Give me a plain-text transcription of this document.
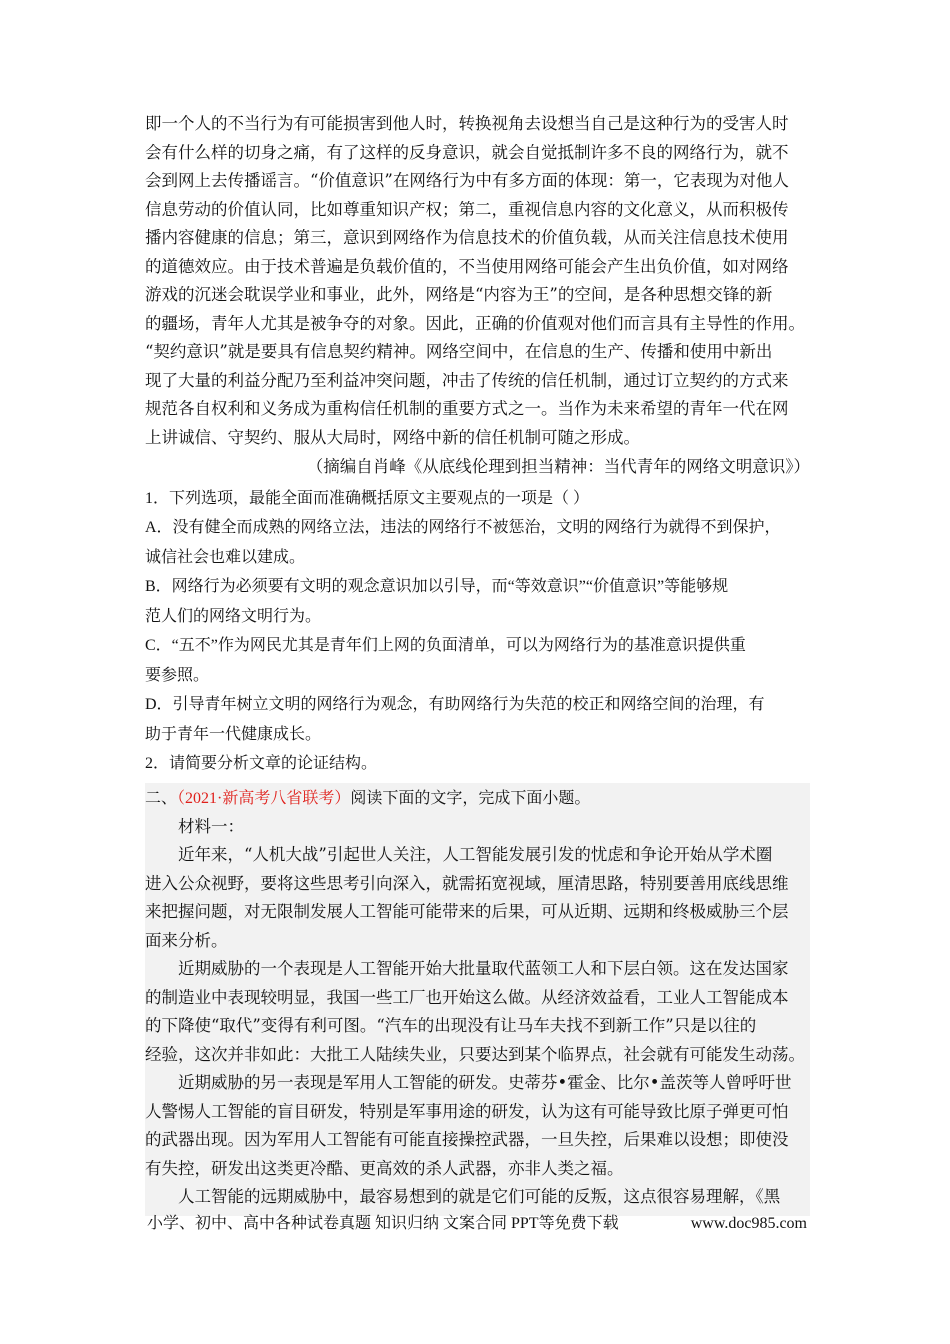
即一个人的不当行为有可能损害到他人时，转换视角去设想当自己是这种行为的受害人时
会有什么样的切身之痛，有了这样的反身意识，就会自觉抵制许多不良的网络行为，就不
会到网上去传播谣言。“价值意识”在网络行为中有多方面的体现：第一，它表现为对他人
信息劳动的价值认同，比如尊重知识产权；第二，重视信息内容的文化意义，从而积极传
播内容健康的信息；第三，意识到网络作为信息技术的价值负载，从而关注信息技术使用
的道德效应。由于技术普遍是负载价值的，不当使用网络可能会产生出负价值，如对网络
游戏的沉迷会耽误学业和事业，此外，网络是“内容为王”的空间，是各种思想交锋的新
的疆场，青年人尤其是被争夺的对象。因此，正确的价值观对他们而言具有主导性的作用。
“契约意识”就是要具有信息契约精神。网络空间中，在信息的生产、传播和使用中新出
现了大量的利益分配乃至利益冲突问题，冲击了传统的信任机制，通过订立契约的方式来
规范各自权利和义务成为重构信任机制的重要方式之一。当作为未来希望的青年一代在网
上讲诚信、守契约、服从大局时，网络中新的信任机制可随之形成。
（摘编自肖峰《从底线伦理到担当精神：当代青年的网络文明意识》）
1．下列选项，最能全面而准确概括原文主要观点的一项是（ ）
A．没有健全而成熟的网络立法，违法的网络行不被惩治，文明的网络行为就得不到保护，
诚信社会也难以建成。
B．网络行为必须要有文明的观念意识加以引导，而“等效意识”“价值意识”等能够规
范人们的网络文明行为。
C．“五不”作为网民尤其是青年们上网的负面清单，可以为网络行为的基准意识提供重
要参照。
D．引导青年树立文明的网络行为观念，有助网络行为失范的校正和网络空间的治理，有
助于青年一代健康成长。
2．请简要分析文章的论证结构。
二、（2021·新高考八省联考）阅读下面的文字，完成下面小题。
材料一：
近年来，“人机大战”引起世人关注，人工智能发展引发的忧虑和争论开始从学术圈
进入公众视野，要将这些思考引向深入，就需拓宽视域，厘清思路，特别要善用底线思维
来把握问题，对无限制发展人工智能可能带来的后果，可从近期、远期和终极威胁三个层
面来分析。
近期威胁的一个表现是人工智能开始大批量取代蓝领工人和下层白领。这在发达国家
的制造业中表现较明显，我国一些工厂也开始这么做。从经济效益看，工业人工智能成本
的下降使“取代”变得有利可图。“汽车的出现没有让马车夫找不到新工作”只是以往的
经验，这次并非如此：大批工人陆续失业，只要达到某个临界点，社会就有可能发生动荡。
近期威胁的另一表现是军用人工智能的研发。史蒂芬•霍金、比尔•盖茨等人曾呼吁世
人警惕人工智能的盲目研发，特别是军事用途的研发，认为这有可能导致比原子弹更可怕
的武器出现。因为军用人工智能有可能直接操控武器，一旦失控，后果难以设想；即使没
有失控，研发出这类更冷酷、更高效的杀人武器，亦非人类之福。
人工智能的远期威胁中，最容易想到的就是它们可能的反叛，这点很容易理解，《黑
小学、初中、高中各种试卷真题 知识归纳 文案合同 PPT等免费下载	www.doc985.com
